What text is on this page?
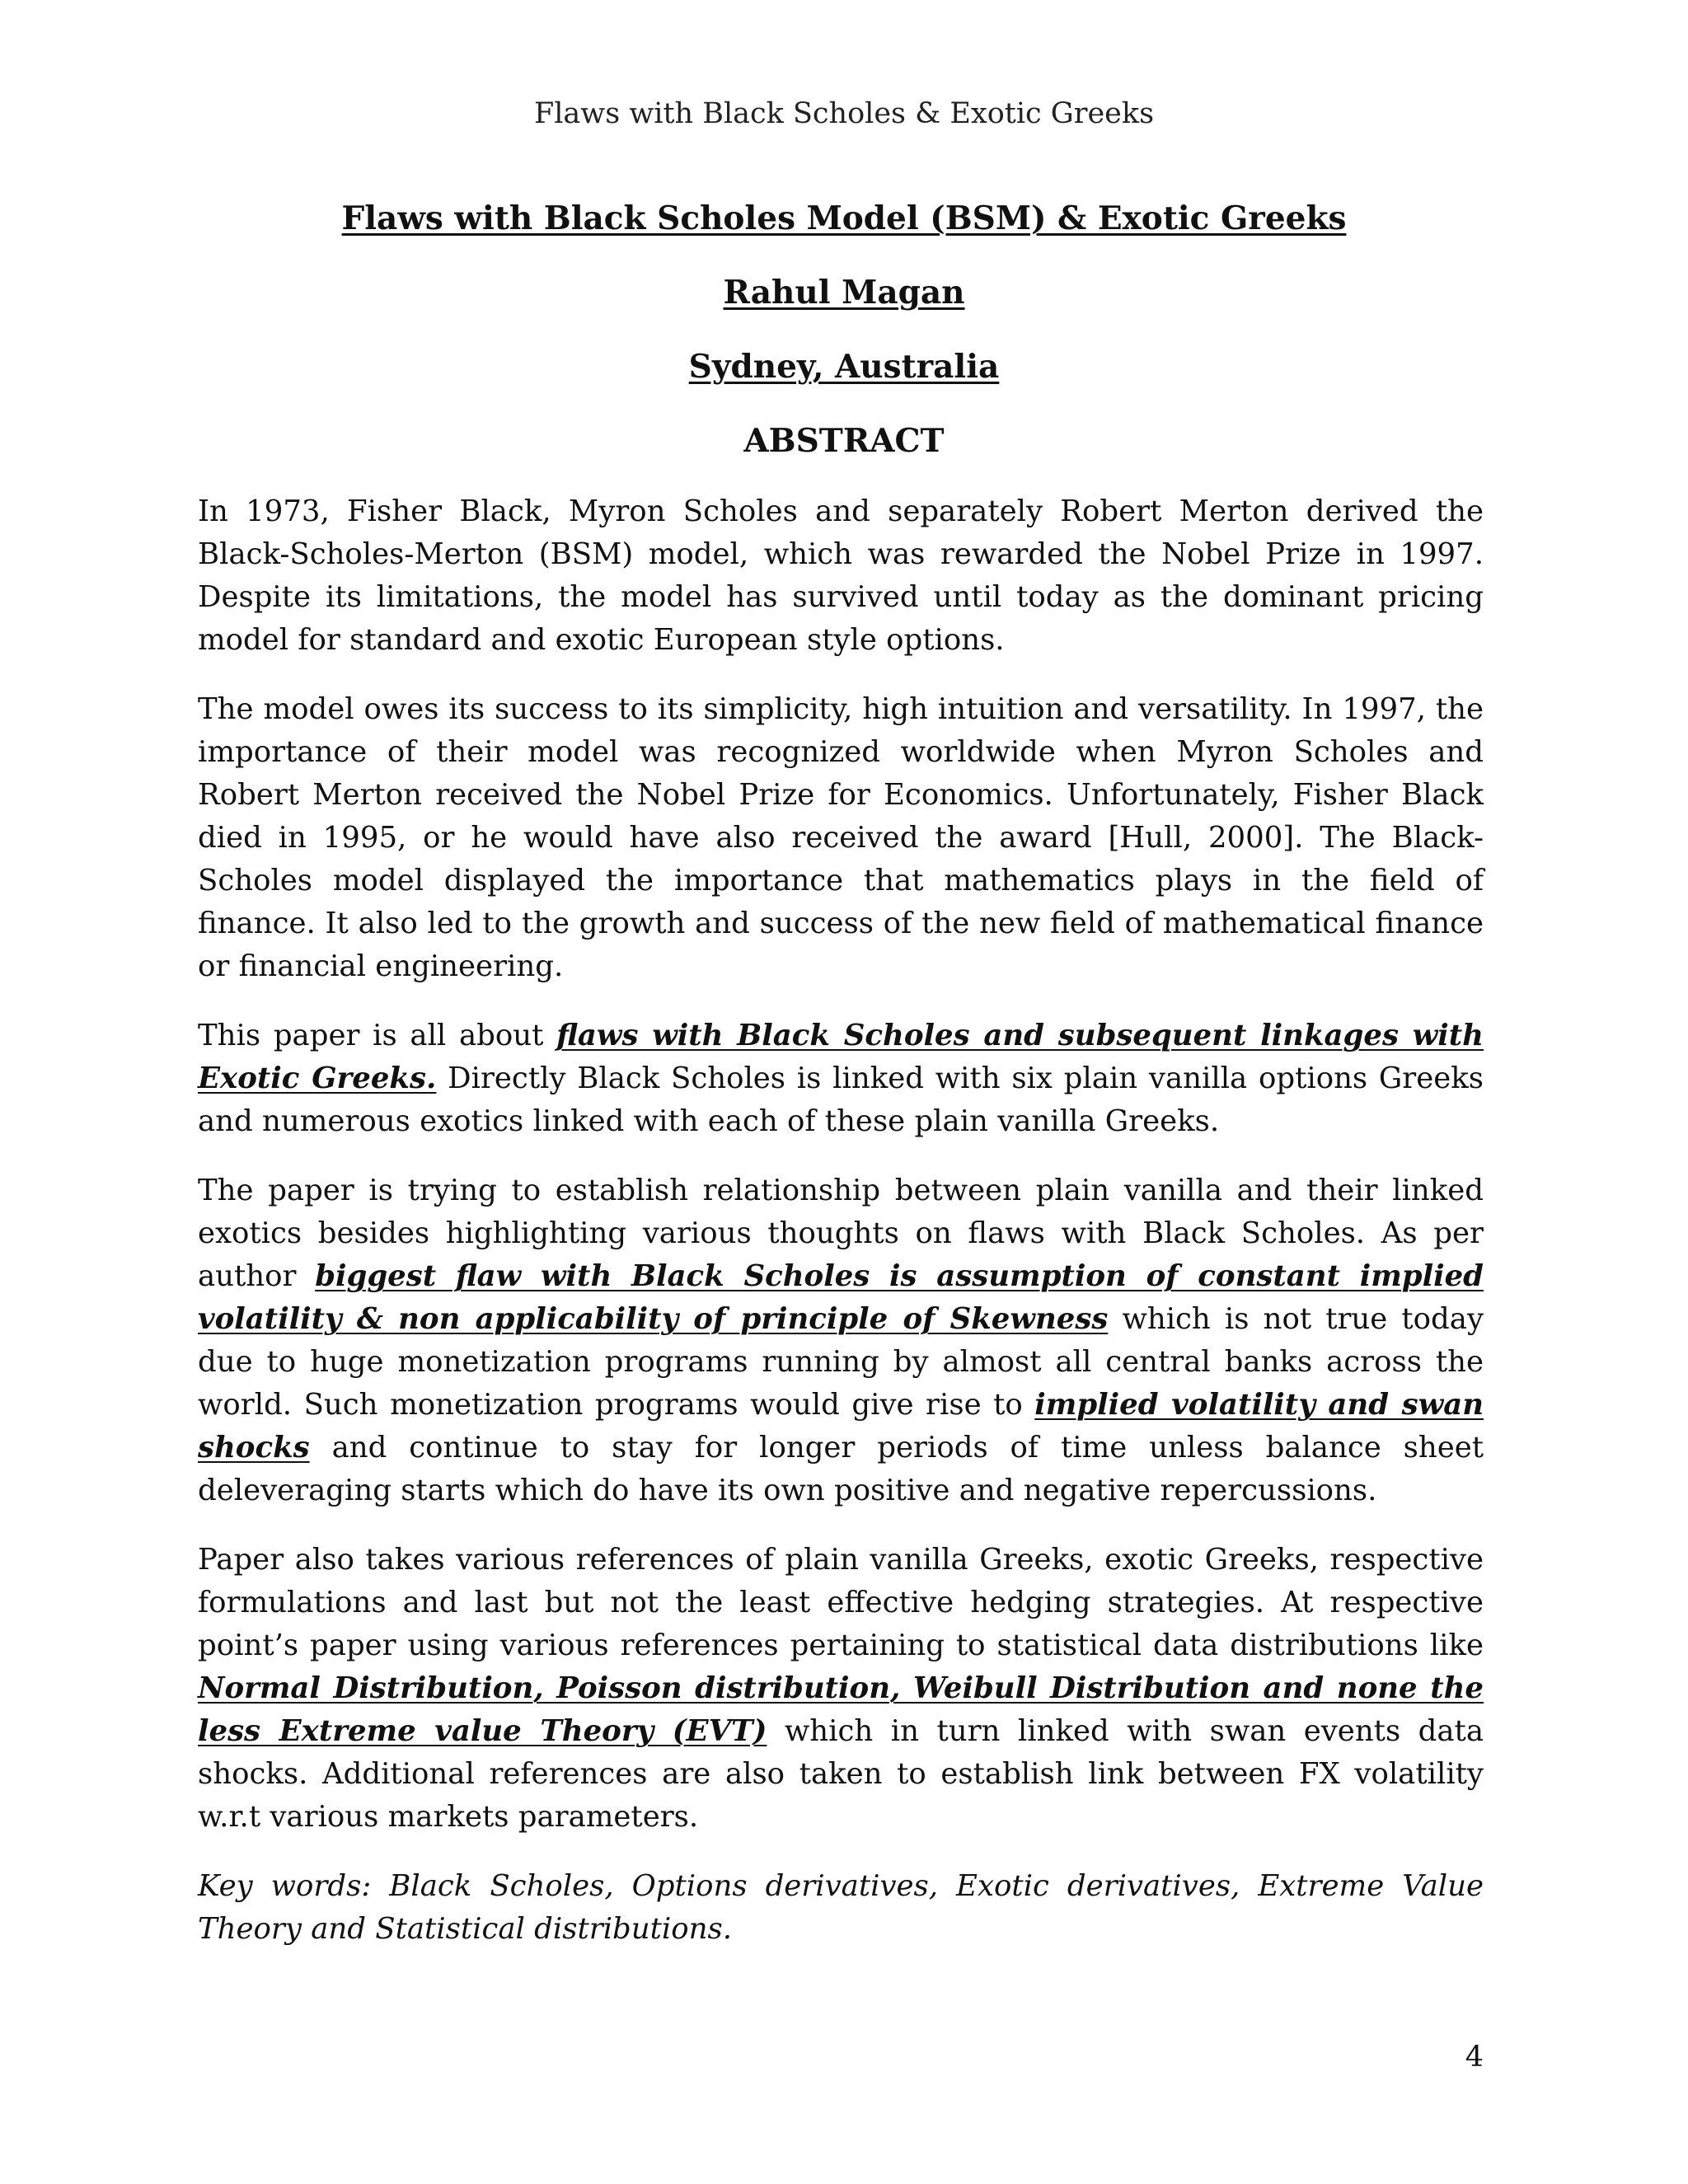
Flaws with Black Scholes & Exotic Greeks
Flaws with Black Scholes Model (BSM) & Exotic Greeks
Rahul Magan
Sydney, Australia
ABSTRACT

In 1973, Fisher Black, Myron Scholes and separately Robert Merton derived the Black-Scholes-Merton (BSM) model, which was rewarded the Nobel Prize in 1997. Despite its limitations, the model has survived until today as the dominant pricing model for standard and exotic European style options.

The model owes its success to its simplicity, high intuition and versatility. In 1997, the importance of their model was recognized worldwide when Myron Scholes and Robert Merton received the Nobel Prize for Economics. Unfortunately, Fisher Black died in 1995, or he would have also received the award [Hull, 2000]. The Black-Scholes model displayed the importance that mathematics plays in the field of finance. It also led to the growth and success of the new field of mathematical finance or financial engineering.

This paper is all about flaws with Black Scholes and subsequent linkages with Exotic Greeks. Directly Black Scholes is linked with six plain vanilla options Greeks and numerous exotics linked with each of these plain vanilla Greeks.

The paper is trying to establish relationship between plain vanilla and their linked exotics besides highlighting various thoughts on flaws with Black Scholes. As per author biggest flaw with Black Scholes is assumption of constant implied volatility & non applicability of principle of Skewness which is not true today due to huge monetization programs running by almost all central banks across the world. Such monetization programs would give rise to implied volatility and swan shocks and continue to stay for longer periods of time unless balance sheet deleveraging starts which do have its own positive and negative repercussions.

Paper also takes various references of plain vanilla Greeks, exotic Greeks, respective formulations and last but not the least effective hedging strategies. At respective point’s paper using various references pertaining to statistical data distributions like Normal Distribution, Poisson distribution, Weibull Distribution and none the less Extreme value Theory (EVT) which in turn linked with swan events data shocks. Additional references are also taken to establish link between FX volatility w.r.t various markets parameters.

Key words: Black Scholes, Options derivatives, Exotic derivatives, Extreme Value Theory and Statistical distributions.

4
